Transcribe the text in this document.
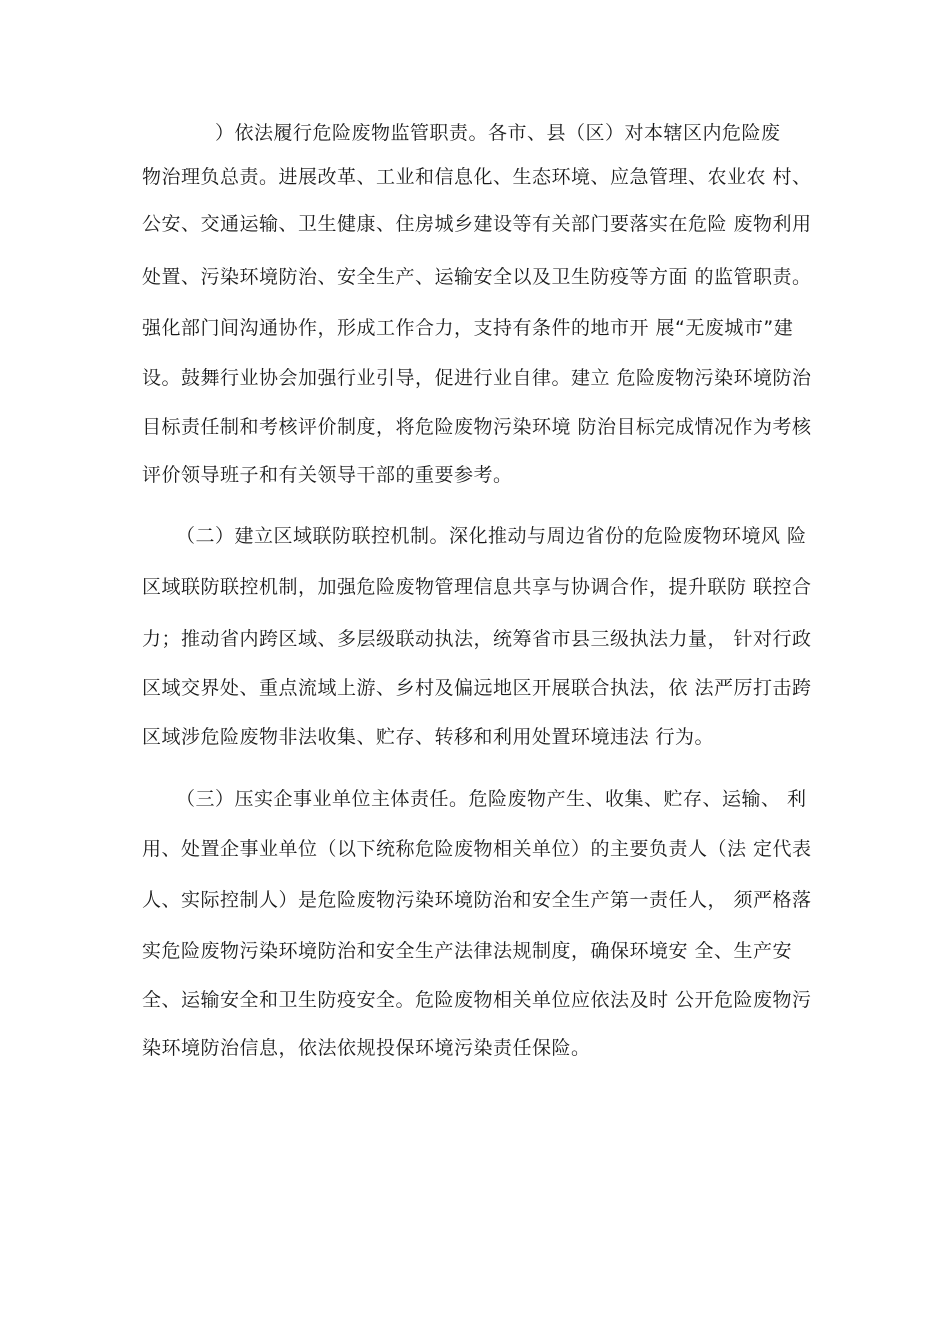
）依法履行危险废物监管职责。各市、县（区）对本辖区内危险废
物治理负总责。进展改革、工业和信息化、生态环境、应急管理、农业农 村、
公安、交通运输、卫生健康、住房城乡建设等有关部门要落实在危险 废物利用
处置、污染环境防治、安全生产、运输安全以及卫生防疫等方面 的监管职责。
强化部门间沟通协作，形成工作合力，支持有条件的地市开 展“无废城市”建
设。鼓舞行业协会加强行业引导，促进行业自律。建立 危险废物污染环境防治
目标责任制和考核评价制度，将危险废物污染环境 防治目标完成情况作为考核
评价领导班子和有关领导干部的重要参考。
（二）建立区域联防联控机制。深化推动与周边省份的危险废物环境风 险
区域联防联控机制，加强危险废物管理信息共享与协调合作，提升联防 联控合
力；推动省内跨区域、多层级联动执法，统筹省市县三级执法力量， 针对行政
区域交界处、重点流域上游、乡村及偏远地区开展联合执法，依 法严厉打击跨
区域涉危险废物非法收集、贮存、转移和利用处置环境违法 行为。
（三）压实企事业单位主体责任。危险废物产生、收集、贮存、运输、 利
用、处置企事业单位（以下统称危险废物相关单位）的主要负责人（法 定代表
人、实际控制人）是危险废物污染环境防治和安全生产第一责任人， 须严格落
实危险废物污染环境防治和安全生产法律法规制度，确保环境安 全、生产安
全、运输安全和卫生防疫安全。危险废物相关单位应依法及时 公开危险废物污
染环境防治信息，依法依规投保环境污染责任保险。
